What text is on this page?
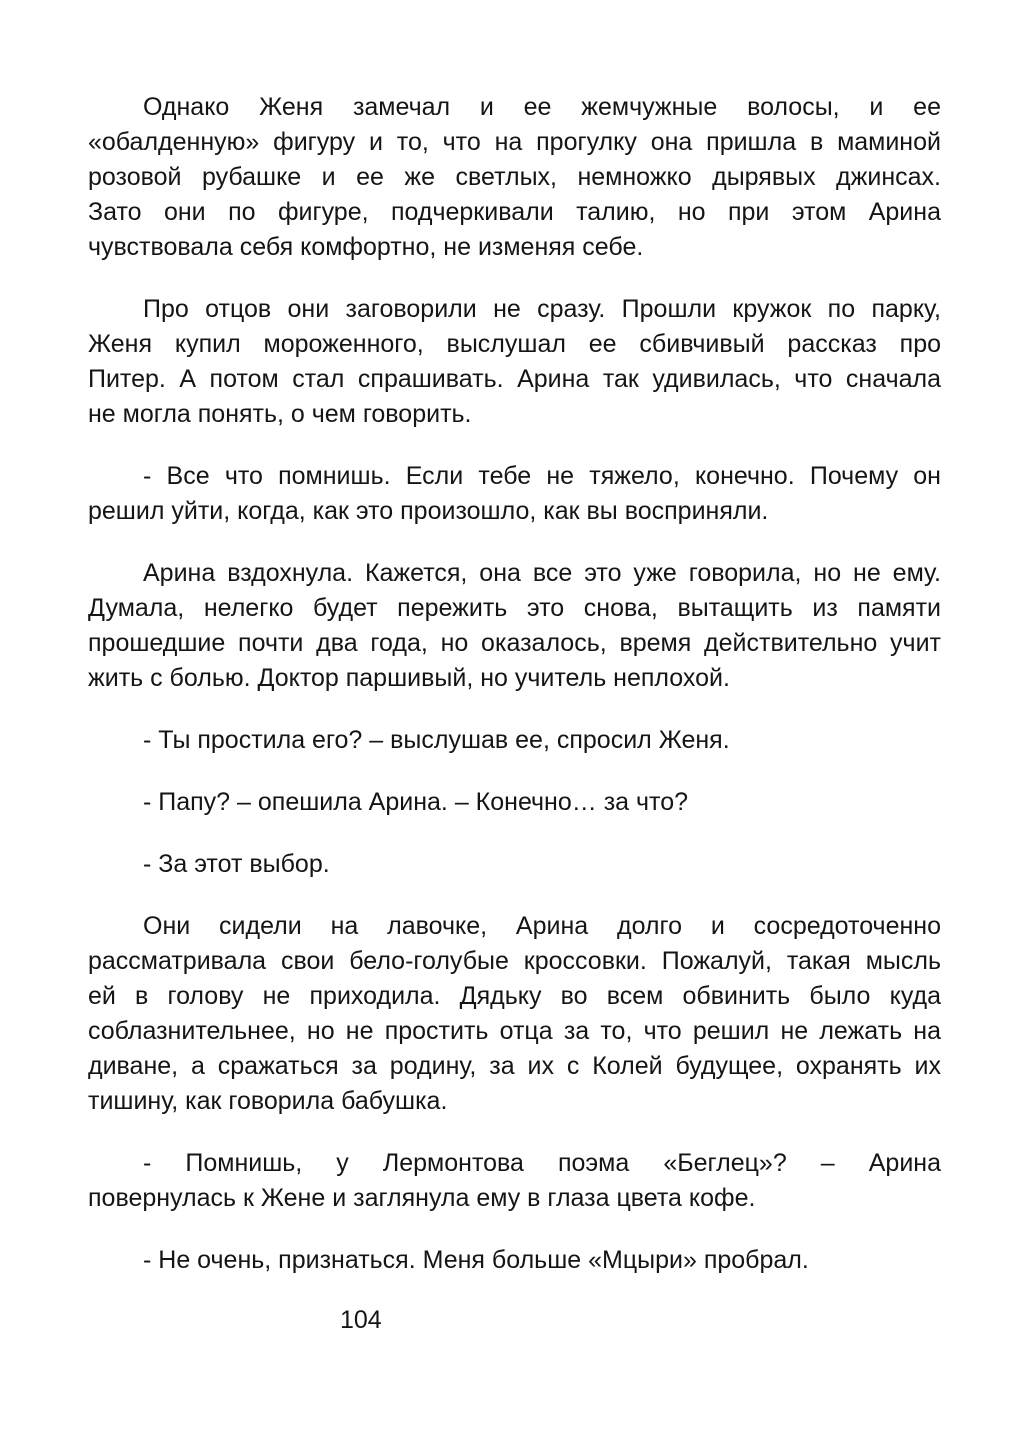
Однако Женя замечал и ее жемчужные волосы, и ее
«обалденную» фигуру и то, что на прогулку она пришла в маминой
розовой рубашке и ее же светлых, немножко дырявых джинсах.
Зато они по фигуре, подчеркивали талию, но при этом Арина
чувствовала себя комфортно, не изменяя себе.
Про отцов они заговорили не сразу. Прошли кружок по парку,
Женя купил мороженного, выслушал ее сбивчивый рассказ про
Питер. А потом стал спрашивать. Арина так удивилась, что сначала
не могла понять, о чем говорить.
- Все что помнишь. Если тебе не тяжело, конечно. Почему он
решил уйти, когда, как это произошло, как вы восприняли.
Арина вздохнула. Кажется, она все это уже говорила, но не ему.
Думала, нелегко будет пережить это снова, вытащить из памяти
прошедшие почти два года, но оказалось, время действительно учит
жить с болью. Доктор паршивый, но учитель неплохой.
- Ты простила его? – выслушав ее, спросил Женя.
- Папу? – опешила Арина. – Конечно… за что?
- За этот выбор.
Они сидели на лавочке, Арина долго и сосредоточенно
рассматривала свои бело-голубые кроссовки. Пожалуй, такая мысль
ей в голову не приходила. Дядьку во всем обвинить было куда
соблазнительнее, но не простить отца за то, что решил не лежать на
диване, а сражаться за родину, за их с Колей будущее, охранять их
тишину, как говорила бабушка.
- Помнишь, у Лермонтова поэма «Беглец»? – Арина
повернулась к Жене и заглянула ему в глаза цвета кофе.
- Не очень, признаться. Меня больше «Мцыри» пробрал.
104
